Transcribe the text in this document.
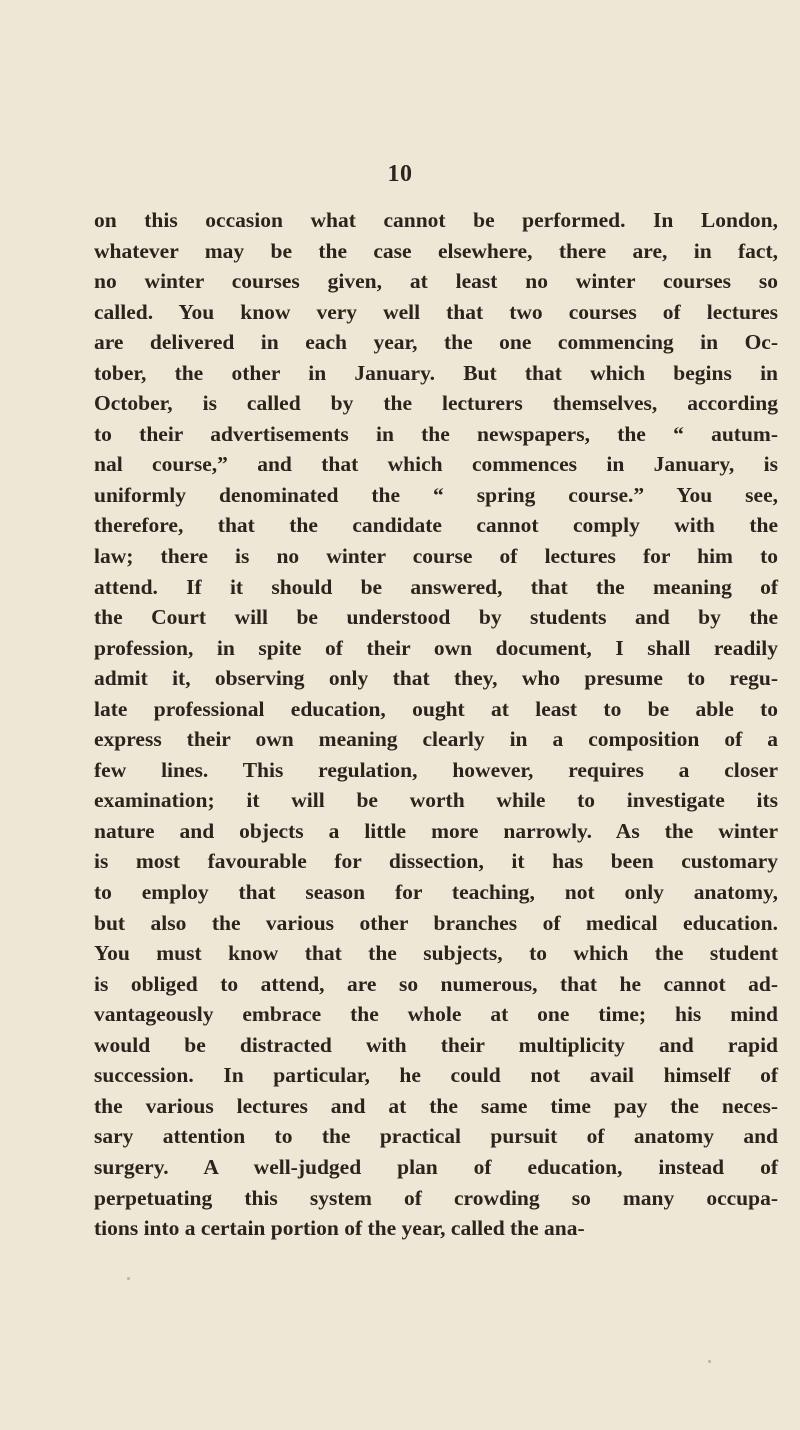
10
on this occasion what cannot be performed. In London,
whatever may be the case elsewhere, there are, in fact,
no winter courses given, at least no winter courses so
called. You know very well that two courses of lectures
are delivered in each year, the one commencing in Oc-
tober, the other in January. But that which begins in
October, is called by the lecturers themselves, according
to their advertisements in the newspapers, the “ autum-
nal course,” and that which commences in January, is
uniformly denominated the “ spring course.” You see,
therefore, that the candidate cannot comply with the
law; there is no winter course of lectures for him to
attend. If it should be answered, that the meaning of
the Court will be understood by students and by the
profession, in spite of their own document, I shall readily
admit it, observing only that they, who presume to regu-
late professional education, ought at least to be able to
express their own meaning clearly in a composition of a
few lines. This regulation, however, requires a closer
examination; it will be worth while to investigate its
nature and objects a little more narrowly. As the winter
is most favourable for dissection, it has been customary
to employ that season for teaching, not only anatomy,
but also the various other branches of medical education.
You must know that the subjects, to which the student
is obliged to attend, are so numerous, that he cannot ad-
vantageously embrace the whole at one time; his mind
would be distracted with their multiplicity and rapid
succession. In particular, he could not avail himself of
the various lectures and at the same time pay the neces-
sary attention to the practical pursuit of anatomy and
surgery. A well-judged plan of education, instead of
perpetuating this system of crowding so many occupa-
tions into a certain portion of the year, called the ana-
